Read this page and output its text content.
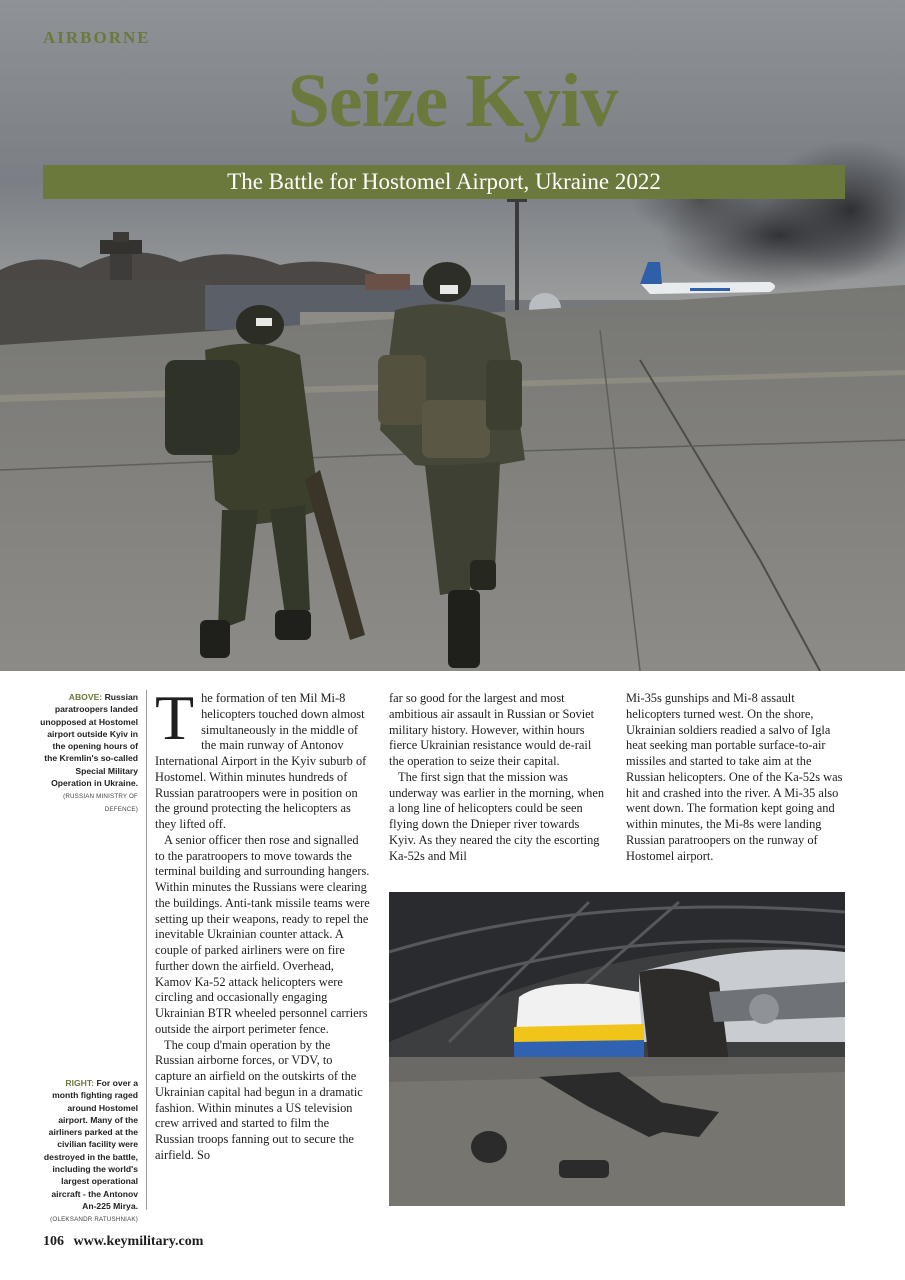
AIRBORNE
Seize Kyiv
The Battle for Hostomel Airport, Ukraine 2022
ABOVE: Russian paratroopers landed unopposed at Hostomel airport outside Kyiv in the opening hours of the Kremlin's so-called Special Military Operation in Ukraine.
(RUSSIAN MINISTRY OF DEFENCE)
RIGHT: For over a month fighting raged around Hostomel airport. Many of the airliners parked at the civilian facility were destroyed in the battle, including the world's largest operational aircraft - the Antonov An-225 Mirya.
(OLEKSANDR RATUSHNIAK)

The formation of ten Mil Mi-8 helicopters touched down almost simultaneously in the middle of the main runway of Antonov International Airport in the Kyiv suburb of Hostomel. Within minutes hundreds of Russian paratroopers were in position on the ground protecting the helicopters as they lifted off.

A senior officer then rose and signalled to the paratroopers to move towards the terminal building and surrounding hangers. Within minutes the Russians were clearing the buildings. Anti-tank missile teams were setting up their weapons, ready to repel the inevitable Ukrainian counter attack. A couple of parked airliners were on fire further down the airfield. Overhead, Kamov Ka-52 attack helicopters were circling and occasionally engaging Ukrainian BTR wheeled personnel carriers outside the airport perimeter fence.

The coup d'main operation by the Russian airborne forces, or VDV, to capture an airfield on the outskirts of the Ukrainian capital had begun in a dramatic fashion. Within minutes a US television crew arrived and started to film the Russian troops fanning out to secure the airfield. So

far so good for the largest and most ambitious air assault in Russian or Soviet military history. However, within hours fierce Ukrainian resistance would de-rail the operation to seize their capital.

The first sign that the mission was underway was earlier in the morning, when a long line of helicopters could be seen flying down the Dnieper river towards Kyiv. As they neared the city the escorting Ka-52s and Mil

Mi-35s gunships and Mi-8 assault helicopters turned west. On the shore, Ukrainian soldiers readied a salvo of Igla heat seeking man portable surface-to-air missiles and started to take aim at the Russian helicopters. One of the Ka-52s was hit and crashed into the river. A Mi-35 also went down. The formation kept going and within minutes, the Mi-8s were landing Russian paratroopers on the runway of Hostomel airport.

106 www.keymilitary.com
